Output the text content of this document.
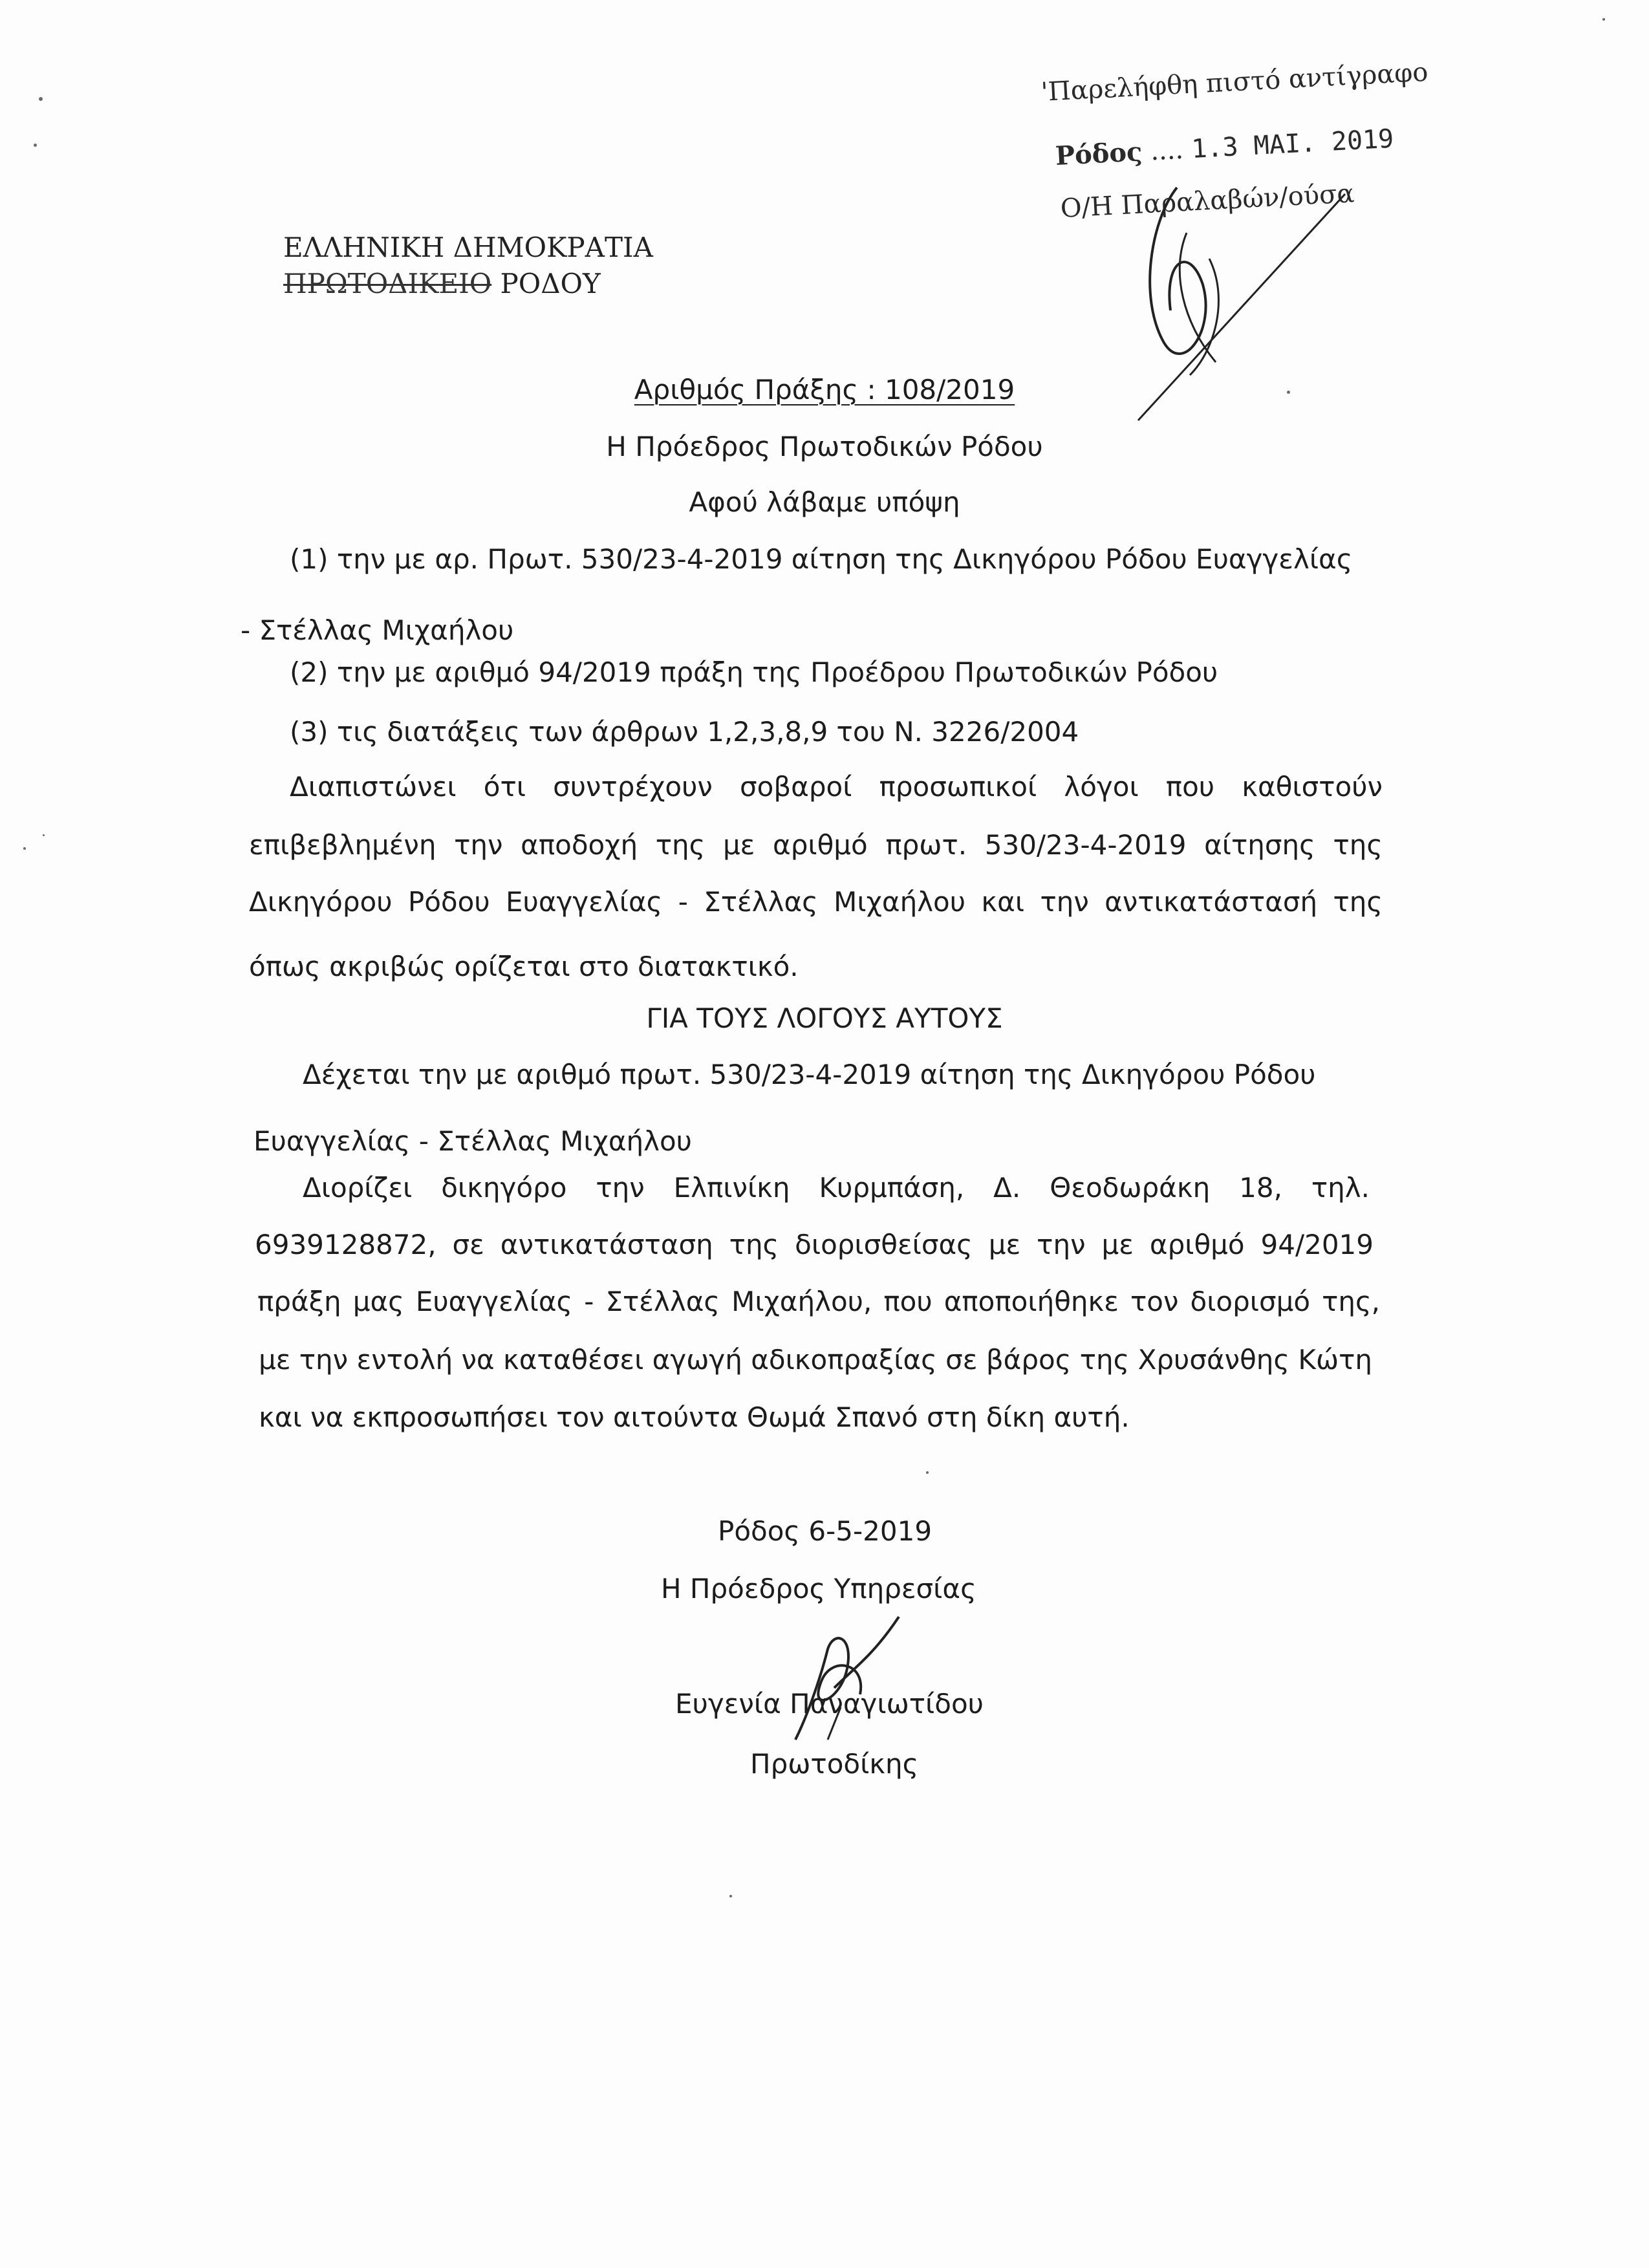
'Παρελήφθη πιστό αντίγραφο
Ρόδος .... 1.3 ΜΑΙ. 2019
Ο/Η Παραλαβών/ούσα
ΕΛΛΗΝΙΚΗ ΔΗΜΟΚΡΑΤΙΑ
ΠΡΩΤΟΔΙΚΕΙΟ ΡΟΔΟΥ
Αριθμός Πράξης : 108/2019
Η Πρόεδρος Πρωτοδικών Ρόδου
Αφού λάβαμε υπόψη
(1) την με αρ. Πρωτ. 530/23-4-2019 αίτηση της Δικηγόρου Ρόδου Ευαγγελίας
- Στέλλας Μιχαήλου
(2) την με αριθμό 94/2019 πράξη της Προέδρου Πρωτοδικών Ρόδου
(3) τις διατάξεις των άρθρων 1,2,3,8,9 του Ν. 3226/2004
Διαπιστώνει ότι συντρέχουν σοβαροί προσωπικοί λόγοι που καθιστούν
επιβεβλημένη την αποδοχή της με αριθμό πρωτ. 530/23-4-2019 αίτησης της
Δικηγόρου Ρόδου Ευαγγελίας - Στέλλας Μιχαήλου και την αντικατάστασή της
όπως ακριβώς ορίζεται στο διατακτικό.
ΓΙΑ ΤΟΥΣ ΛΟΓΟΥΣ ΑΥΤΟΥΣ
Δέχεται την με αριθμό πρωτ. 530/23-4-2019 αίτηση της Δικηγόρου Ρόδου
Ευαγγελίας - Στέλλας Μιχαήλου
Διορίζει δικηγόρο την Ελπινίκη Κυρμπάση, Δ. Θεοδωράκη 18, τηλ.
6939128872, σε αντικατάσταση της διορισθείσας με την με αριθμό 94/2019
πράξη μας Ευαγγελίας - Στέλλας Μιχαήλου, που αποποιήθηκε τον διορισμό της,
με την εντολή να καταθέσει αγωγή αδικοπραξίας σε βάρος της Χρυσάνθης Κώτη
και να εκπροσωπήσει τον αιτούντα Θωμά Σπανό στη δίκη αυτή.
Ρόδος 6-5-2019
Η Πρόεδρος Υπηρεσίας
Ευγενία Παναγιωτίδου
Πρωτοδίκης
